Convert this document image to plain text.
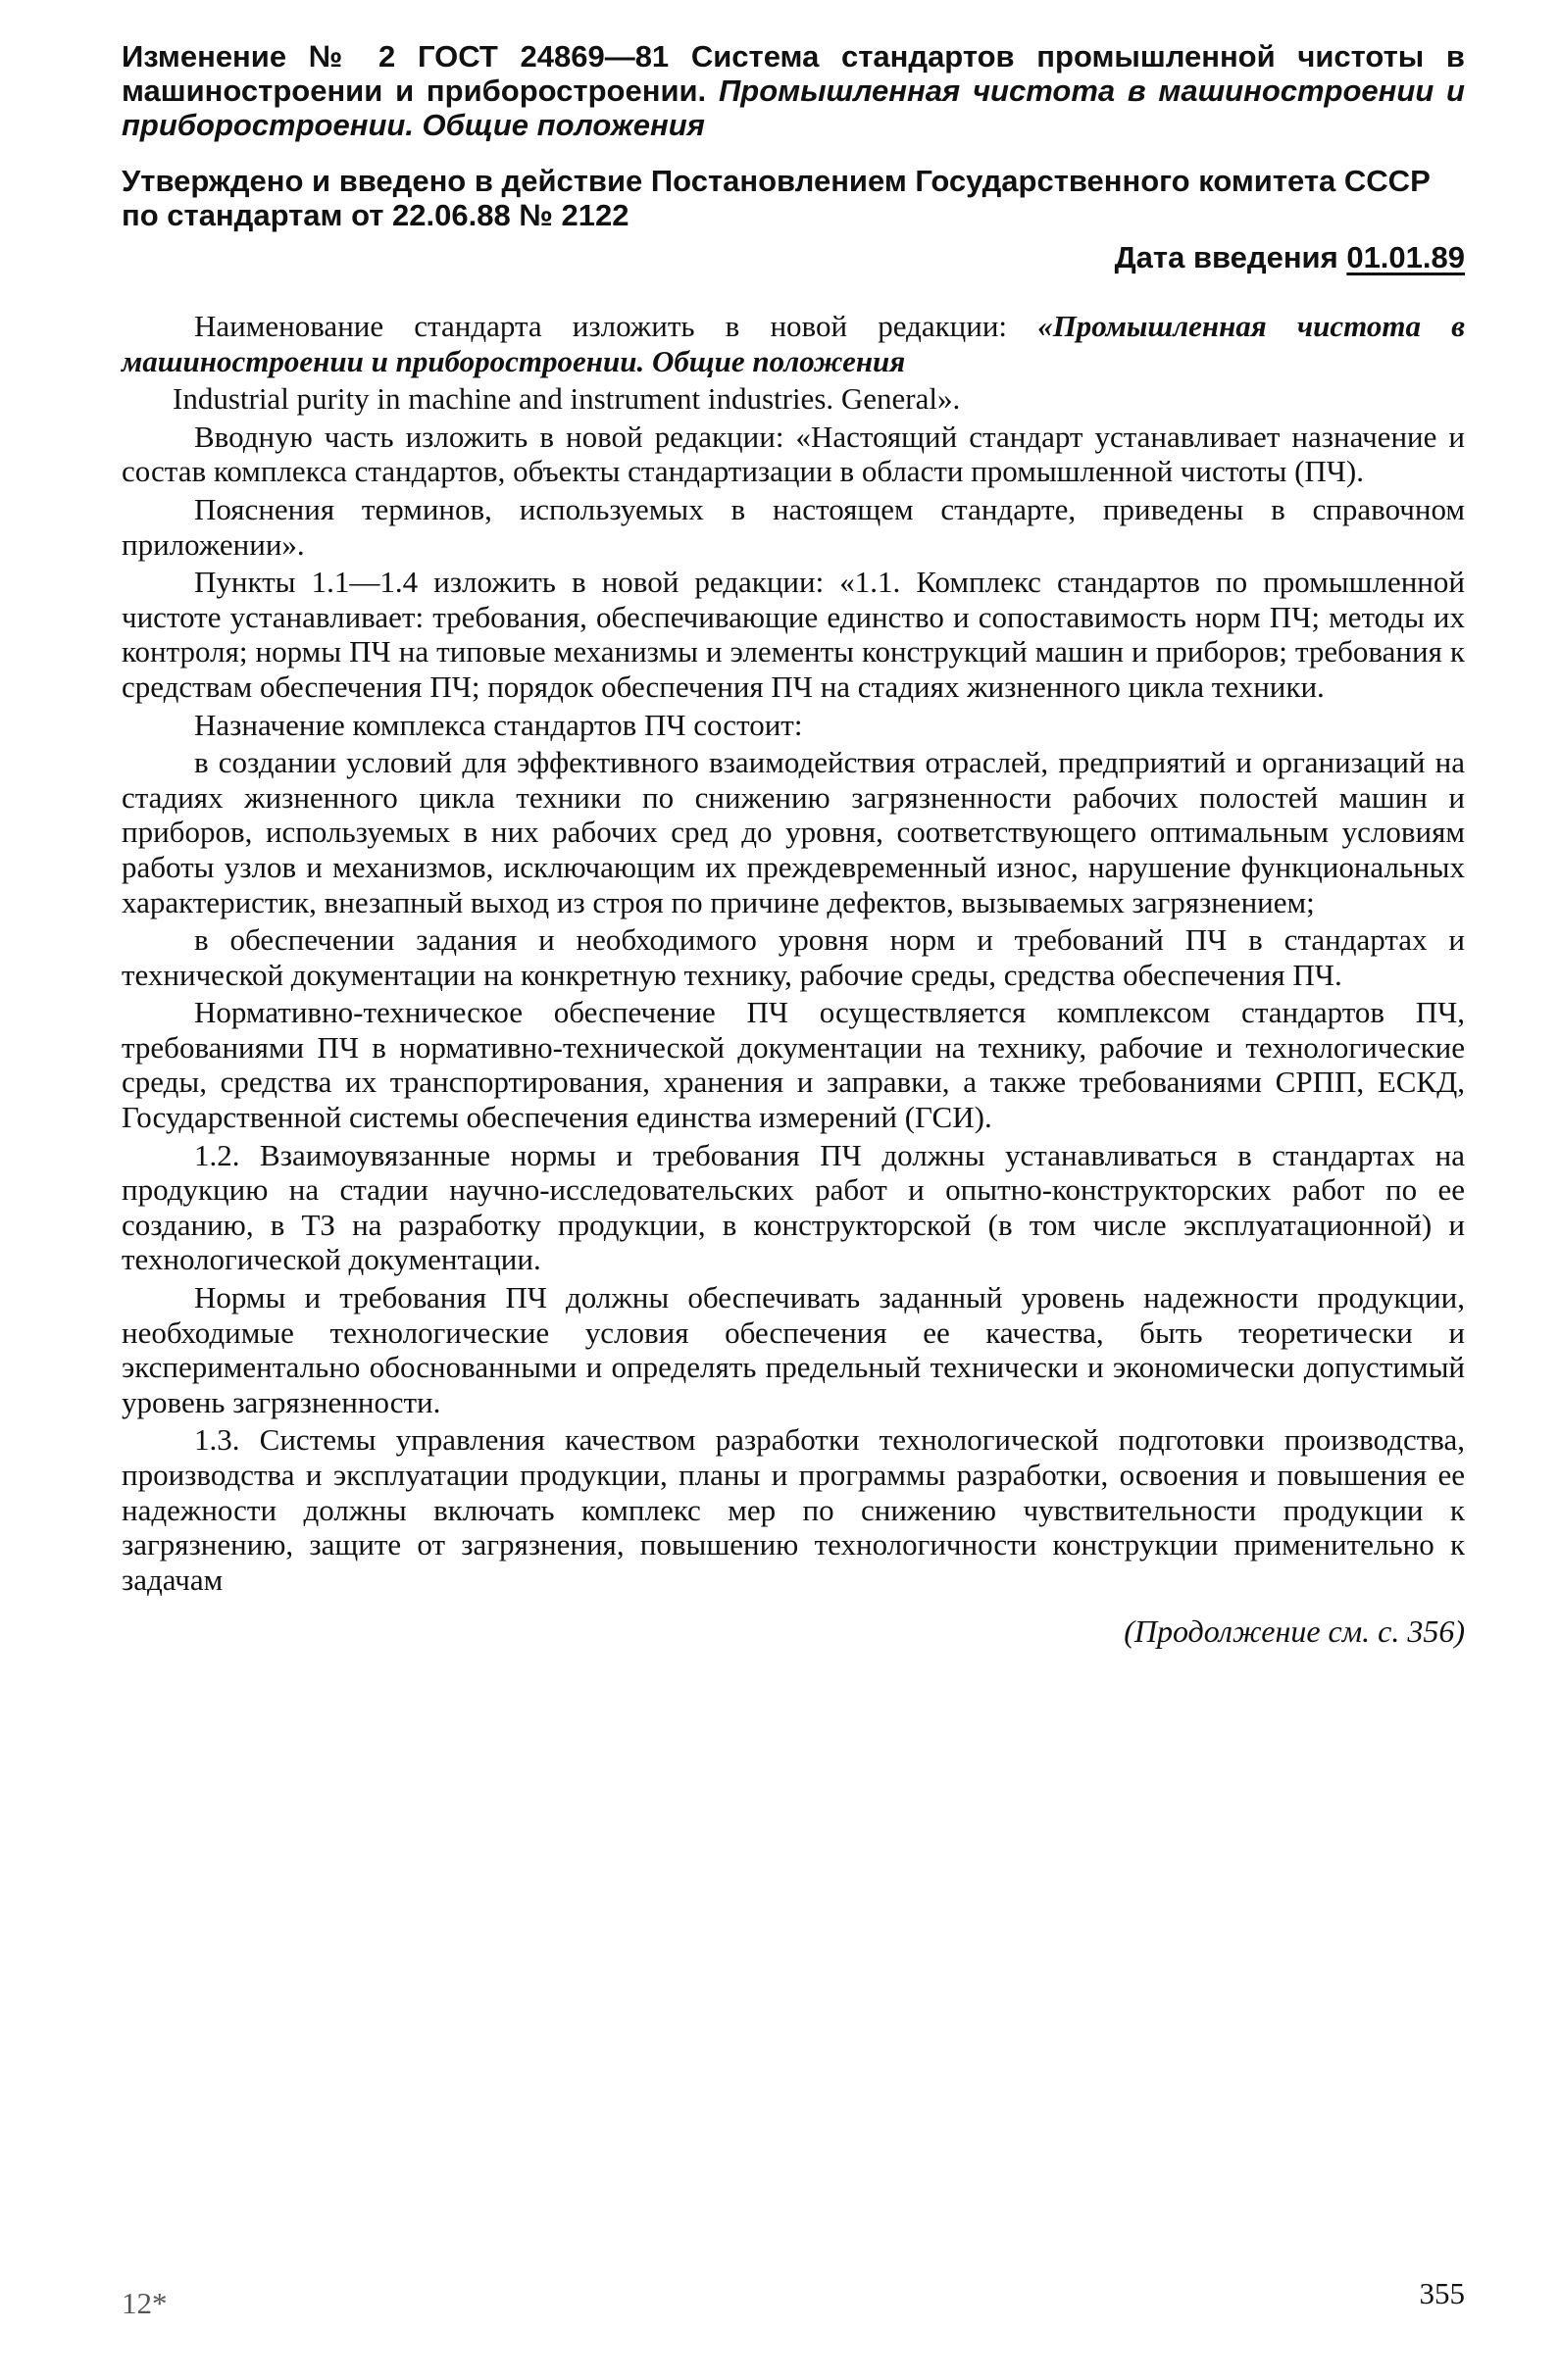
Изменение № 2 ГОСТ 24869—81 Система стандартов промышленной чистоты в машиностроении и приборостроении. Промышленная чистота в машиностроении и приборостроении. Общие положения
Утверждено и введено в действие Постановлением Государственного комитета СССР по стандартам от 22.06.88 № 2122
Дата введения 01.01.89

Наименование стандарта изложить в новой редакции: «Промышленная чистота в машиностроении и приборостроении. Общие положения

Industrial purity in machine and instrument industries. General».

Вводную часть изложить в новой редакции: «Настоящий стандарт устанавливает назначение и состав комплекса стандартов, объекты стандартизации в области промышленной чистоты (ПЧ).

Пояснения терминов, используемых в настоящем стандарте, приведены в справочном приложении».

Пункты 1.1—1.4 изложить в новой редакции: «1.1. Комплекс стандартов по промышленной чистоте устанавливает: требования, обеспечивающие единство и сопоставимость норм ПЧ; методы их контроля; нормы ПЧ на типовые механизмы и элементы конструкций машин и приборов; требования к средствам обеспечения ПЧ; порядок обеспечения ПЧ на стадиях жизненного цикла техники.

Назначение комплекса стандартов ПЧ состоит:

в создании условий для эффективного взаимодействия отраслей, предприятий и организаций на стадиях жизненного цикла техники по снижению загрязненности рабочих полостей машин и приборов, используемых в них рабочих сред до уровня, соответствующего оптимальным условиям работы узлов и механизмов, исключающим их преждевременный износ, нарушение функциональных характеристик, внезапный выход из строя по причине дефектов, вызываемых загрязнением;

в обеспечении задания и необходимого уровня норм и требований ПЧ в стандартах и технической документации на конкретную технику, рабочие среды, средства обеспечения ПЧ.

Нормативно-техническое обеспечение ПЧ осуществляется комплексом стандартов ПЧ, требованиями ПЧ в нормативно-технической документации на технику, рабочие и технологические среды, средства их транспортирования, хранения и заправки, а также требованиями СРПП, ЕСКД, Государственной системы обеспечения единства измерений (ГСИ).

1.2. Взаимоувязанные нормы и требования ПЧ должны устанавливаться в стандартах на продукцию на стадии научно-исследовательских работ и опытно-конструкторских работ по ее созданию, в ТЗ на разработку продукции, в конструкторской (в том числе эксплуатационной) и технологической документации.

Нормы и требования ПЧ должны обеспечивать заданный уровень надежности продукции, необходимые технологические условия обеспечения ее качества, быть теоретически и экспериментально обоснованными и определять предельный технически и экономически допустимый уровень загрязненности.

1.3. Системы управления качеством разработки технологической подготовки производства, производства и эксплуатации продукции, планы и программы разработки, освоения и повышения ее надежности должны включать комплекс мер по снижению чувствительности продукции к загрязнению, защите от загрязнения, повышению технологичности конструкции применительно к задачам

(Продолжение см. с. 356)
12*	355
